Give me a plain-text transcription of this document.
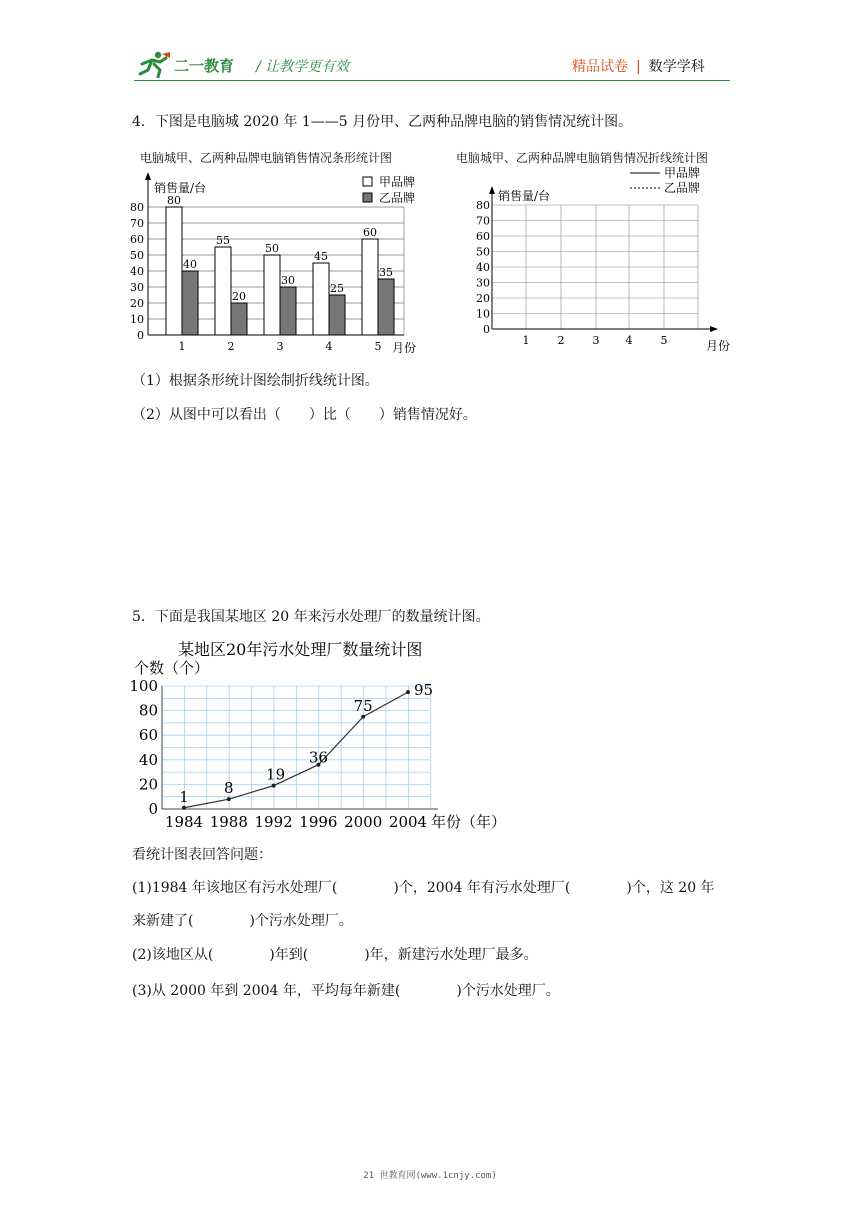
二一教育 / 让教学更有效	精品试卷 | 数学学科
4．下图是电脑城 2020 年 1——5 月份甲、乙两种品牌电脑的销售情况统计图。
电脑城甲、乙两种品牌电脑销售情况条形统计图	电脑城甲、乙两种品牌电脑销售情况折线统计图
0
10
20
30
40
50
60
70
80
80
40
55
20
50
30
45
25
60
35
1	2	3	4	5
销售量/台
月份
甲品牌
乙品牌
甲品牌
乙品牌
0
10
20
30
40
50
60
70
80
1	2	3 4	5
销售量/台
月份
（1）根据条形统计图绘制折线统计图。
（2）从图中可以看出（　　）比（　　）销售情况好。
5．下面是我国某地区 20 年来污水处理厂的数量统计图。
某地区20年污水处理厂数量统计图
个数（个）
0
20
40
60
80
100
1984 1988 1992 1996 2000 2004
1 8
19
36
75
95
年份（年）
看统计图表回答问题：
(1)1984 年该地区有污水处理厂(　　　　)个，2004 年有污水处理厂(　　　　)个，这 20 年
来新建了(　　　　)个污水处理厂。
(2)该地区从(　　　　)年到(　　　　)年，新建污水处理厂最多。
(3)从 2000 年到 2004 年，平均每年新建(　　　　)个污水处理厂。
21 世教育网(www.1cnjy.com)
